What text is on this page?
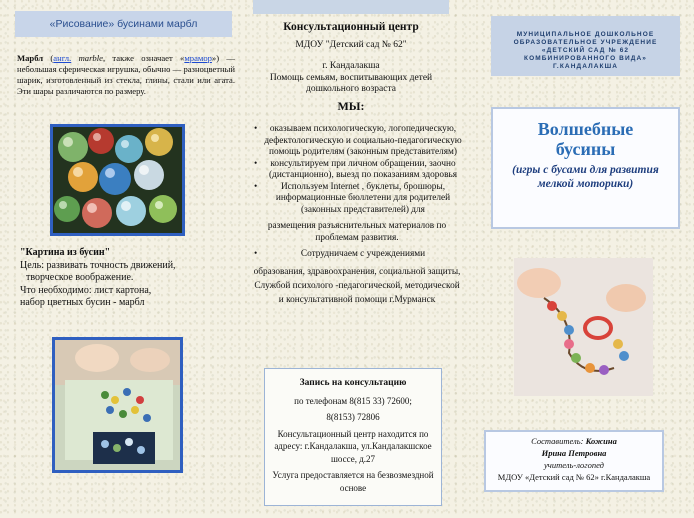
«Рисование» бусинами марбл
Марбл (англ. marble, также означает «мрамор») — небольшая сферическая игрушка, обычно — разноцветный шарик, изготовленный из стекла, глины, стали или агата. Эти шары различаются по размеру.
"Картина из бусин"
Цель: развивать точность движений,
творческое воображение.
Что необходимо: лист картона,
набор цветных бусин - марбл
Консультационный центр
МДОУ "Детский сад № 62"
г. Кандалакша
Помощь семьям, воспитывающих детей дошкольного возраста
МЫ:
• оказываем психологическую, логопедическую, дефектологическую и социально-педагогическую помощь родителям (законным представителям)
• консультируем при личном обращении, заочно (дистанционно), выезд по показаниям здоровья
•	Используем Internet , буклеты, брошюры, информационные бюллетени для родителей (законных представителей) для

размещения разъяснительных материалов по проблемам развития.

•	Сотрудничаем с учреждениями

образования, здравоохранения, социальной защиты, Службой психолого -педагогической, методической и консультативной помощи г.Мурманск

Запись на консультацию
по телефонам 8(815 33) 72600;
8(8153) 72806
Консультационный центр находится по адресу: г.Кандалакша, ул.Кандалакшское шоссе, д.27
Услуга предоставляется на безвозмездной основе
МУНИЦИПАЛЬНОЕ ДОШКОЛЬНОЕ
ОБРАЗОВАТЕЛЬНОЕ УЧРЕЖДЕНИЕ
«ДЕТСКИЙ САД № 62
КОМБИНИРОВАННОГО ВИДА»
Г.КАНДАЛАКША
Волшебные
бусины
(игры с бусами для развития мелкой моторики)
Составитель: Кожина
Ирина Петровна
учитель-логопед
МДОУ «Детский сад № 62» г.Кандалакша
